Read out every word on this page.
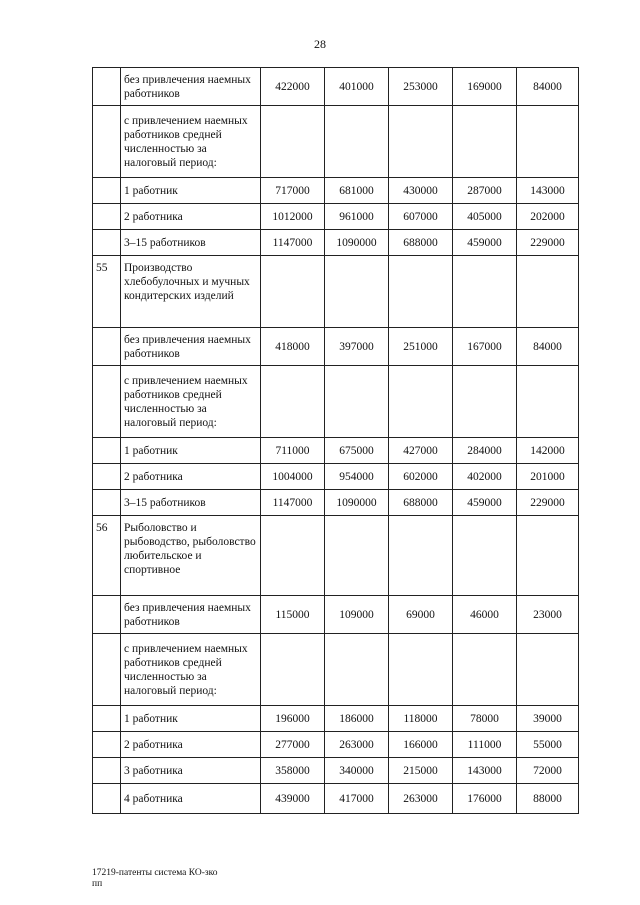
28
	без привлечения наемных работников	422000	401000	253000	169000	84000
	с привлечением наемных работников средней численностью за налоговый период:					
	1 работник	717000	681000	430000	287000	143000
	2 работника	1012000	961000	607000	405000	202000
	3–15 работников	1147000	1090000	688000	459000	229000
55	Производство хлебобулочных и мучных кондитерских изделий					
	без привлечения наемных работников	418000	397000	251000	167000	84000
	с привлечением наемных работников средней численностью за налоговый период:					
	1 работник	711000	675000	427000	284000	142000
	2 работника	1004000	954000	602000	402000	201000
	3–15 работников	1147000	1090000	688000	459000	229000
56	Рыболовство и рыбоводство, рыболовство любительское и спортивное					
	без привлечения наемных работников	115000	109000	69000	46000	23000
	с привлечением наемных работников средней численностью за налоговый период:					
	1 работник	196000	186000	118000	78000	39000
	2 работника	277000	263000	166000	111000	55000
	3 работника	358000	340000	215000	143000	72000
	4 работника	439000	417000	263000	176000	88000
17219-патенты система КО-зко
пп
